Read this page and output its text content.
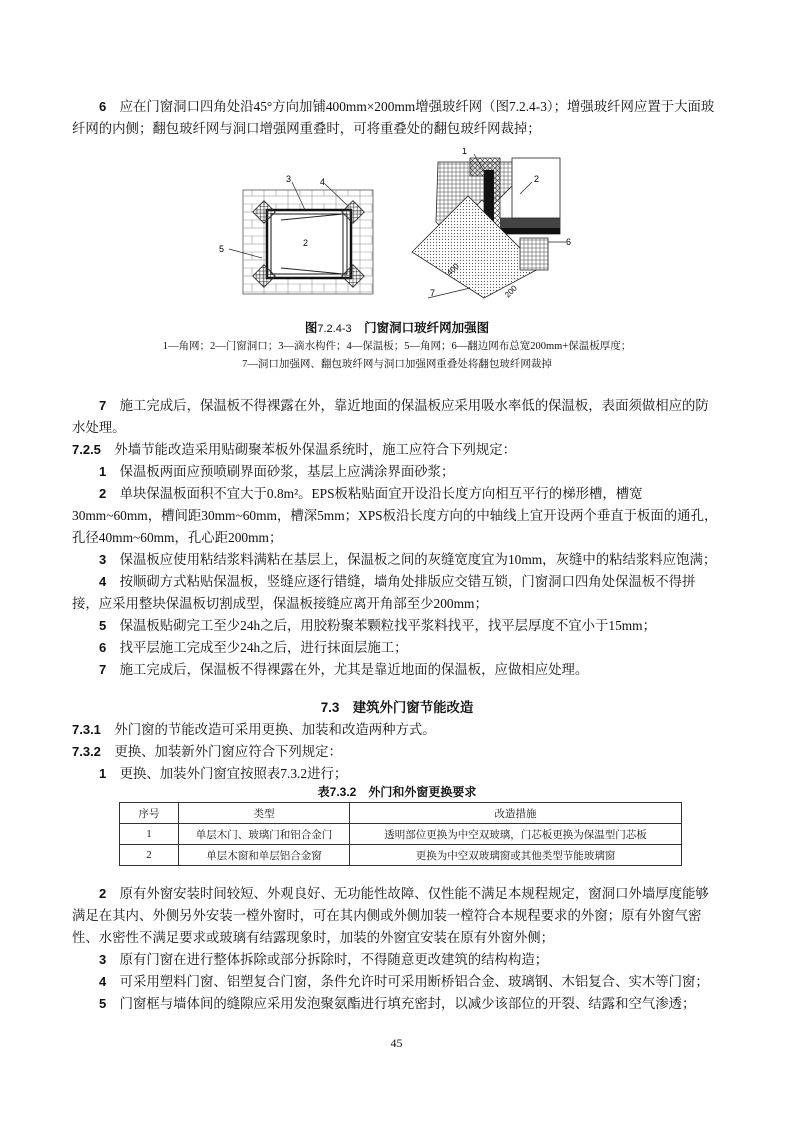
6　 应在门窗洞口四角处沿45°方向加铺400mm×200mm增强玻纤网（图7.2.4-3）；增强玻纤网应置于大面玻纤网的内侧；翻包玻纤网与洞口增强网重叠时，可将重叠处的翻包玻纤网裁掉；

3	4
5
2
1
2
6
7
400
200

图7.2.4-3　 门窗洞口玻纤网加强图

1—角网；2—门窗洞口；3—滴水构件；4—保温板；5—角网；6—翻边网布总宽200mm+保温板厚度；

7—洞口加强网、翻包玻纤网与洞口加强网重叠处将翻包玻纤网裁掉

7　 施工完成后，保温板不得裸露在外，靠近地面的保温板应采用吸水率低的保温板，表面须做相应的防水处理。

7.2.5　 外墙节能改造采用贴砌聚苯板外保温系统时，施工应符合下列规定：

1　 保温板两面应预喷刷界面砂浆，基层上应满涂界面砂浆；

2　 单块保温板面积不宜大于0.8m²。EPS板粘贴面宜开设沿长度方向相互平行的梯形槽，槽宽30mm~60mm，槽间距30mm~60mm，槽深5mm；XPS板沿长度方向的中轴线上宜开设两个垂直于板面的通孔，孔径40mm~60mm，孔心距200mm；

3　 保温板应使用粘结浆料满粘在基层上，保温板之间的灰缝宽度宜为10mm，灰缝中的粘结浆料应饱满；

4　 按顺砌方式粘贴保温板，竖缝应逐行错缝，墙角处排版应交错互锁，门窗洞口四角处保温板不得拼接，应采用整块保温板切割成型，保温板接缝应离开角部至少200mm；

5　 保温板贴砌完工至少24h之后，用胶粉聚苯颗粒找平浆料找平，找平层厚度不宜小于15mm；

6　 找平层施工完成至少24h之后，进行抹面层施工；

7　 施工完成后，保温板不得裸露在外，尤其是靠近地面的保温板，应做相应处理。

7.3　 建筑外门窗节能改造

7.3.1　 外门窗的节能改造可采用更换、加装和改造两种方式。

7.3.2　 更换、加装新外门窗应符合下列规定：

1　 更换、加装外门窗宜按照表7.3.2进行；

表7.3.2　外门和外窗更换要求

序号	类型	改造措施
1	单层木门、玻璃门和铝合金门	透明部位更换为中空双玻璃，门芯板更换为保温型门芯板
2	单层木窗和单层铝合金窗	更换为中空双玻璃窗或其他类型节能玻璃窗

2　 原有外窗安装时间较短、外观良好、无功能性故障、仅性能不满足本规程规定，窗洞口外墙厚度能够满足在其内、外侧另外安装一樘外窗时，可在其内侧或外侧加装一樘符合本规程要求的外窗；原有外窗气密性、水密性不满足要求或玻璃有结露现象时，加装的外窗宜安装在原有外窗外侧；

3　 原有门窗在进行整体拆除或部分拆除时，不得随意更改建筑的结构构造；

4　 可采用塑料门窗、铝塑复合门窗，条件允许时可采用断桥铝合金、玻璃钢、木铝复合、实木等门窗；

5　 门窗框与墙体间的缝隙应采用发泡聚氨酯进行填充密封，以减少该部位的开裂、结露和空气渗透；

45
